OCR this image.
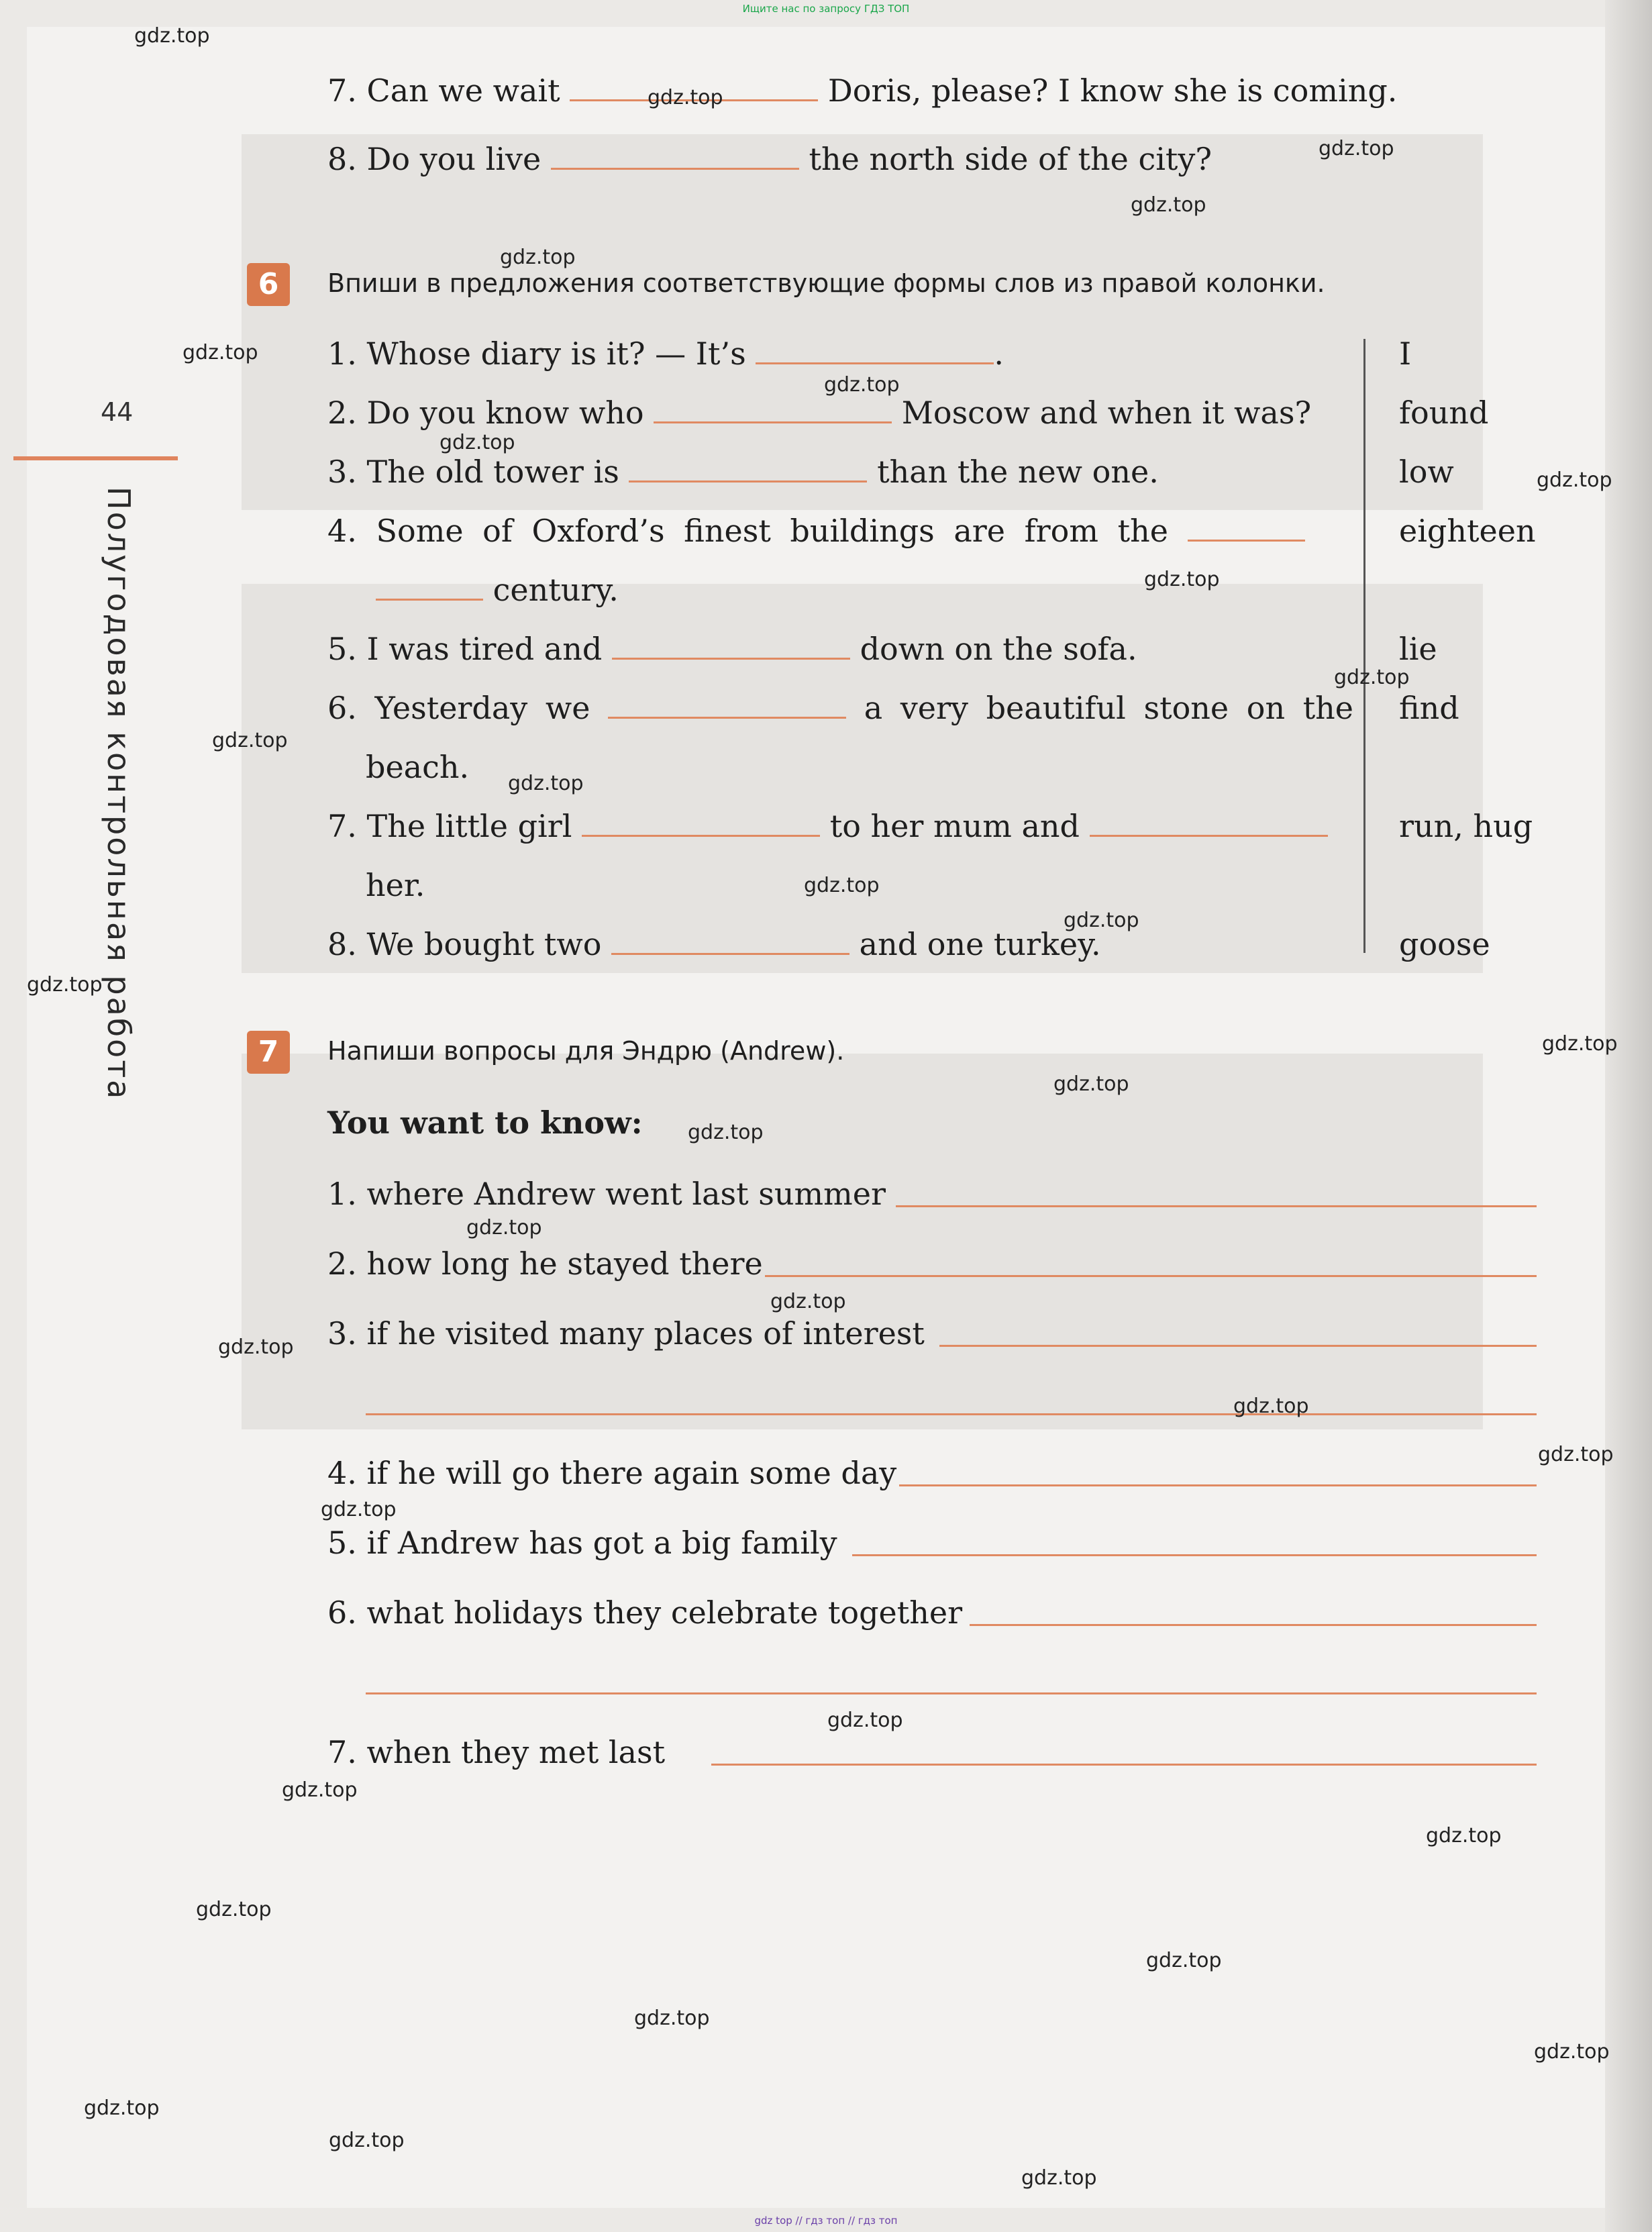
Ищите нас по запросу ГДЗ ТОП
44
Полугодовая контрольная работа
7. Can we wait	Doris, please? I know she is coming.
8. Do you live	the north side of the city?
6	Впиши в предложения соответствующие формы слов из правой колонки.
1. Whose diary is it? — It’s	.
2. Do you know who	Moscow and when it was?
3. The old tower is	than the new one.
4. Some of Oxford’s finest buildings are from the
century.
5. I was tired and	down on the sofa.
6. Yesterday we	a very beautiful stone on the
beach.
7. The little girl	to her mum and
her.
8. We bought two	and one turkey.
I
found
low
eighteen
lie
find
run, hug
goose
7	Напиши вопросы для Эндрю (Andrew).
You want to know:
1. where Andrew went last summer
2. how long he stayed there
3. if he visited many places of interest
4. if he will go there again some day
5. if Andrew has got a big family
6. what holidays they celebrate together
7. when they met last
gdz.top
gdz.top
gdz.top
gdz.top
gdz.top
gdz.top
gdz.top
gdz.top
gdz.top
gdz.top
gdz.top
gdz.top
gdz.top
gdz.top
gdz.top
gdz.top
gdz.top
gdz.top
gdz.top
gdz.top
gdz.top
gdz.top
gdz.top
gdz.top
gdz.top
gdz.top
gdz.top
gdz.top
gdz.top
gdz.top
gdz.top
gdz.top
gdz.top
gdz.top
gdz.top
gdz top // гдз топ // гдз топ
